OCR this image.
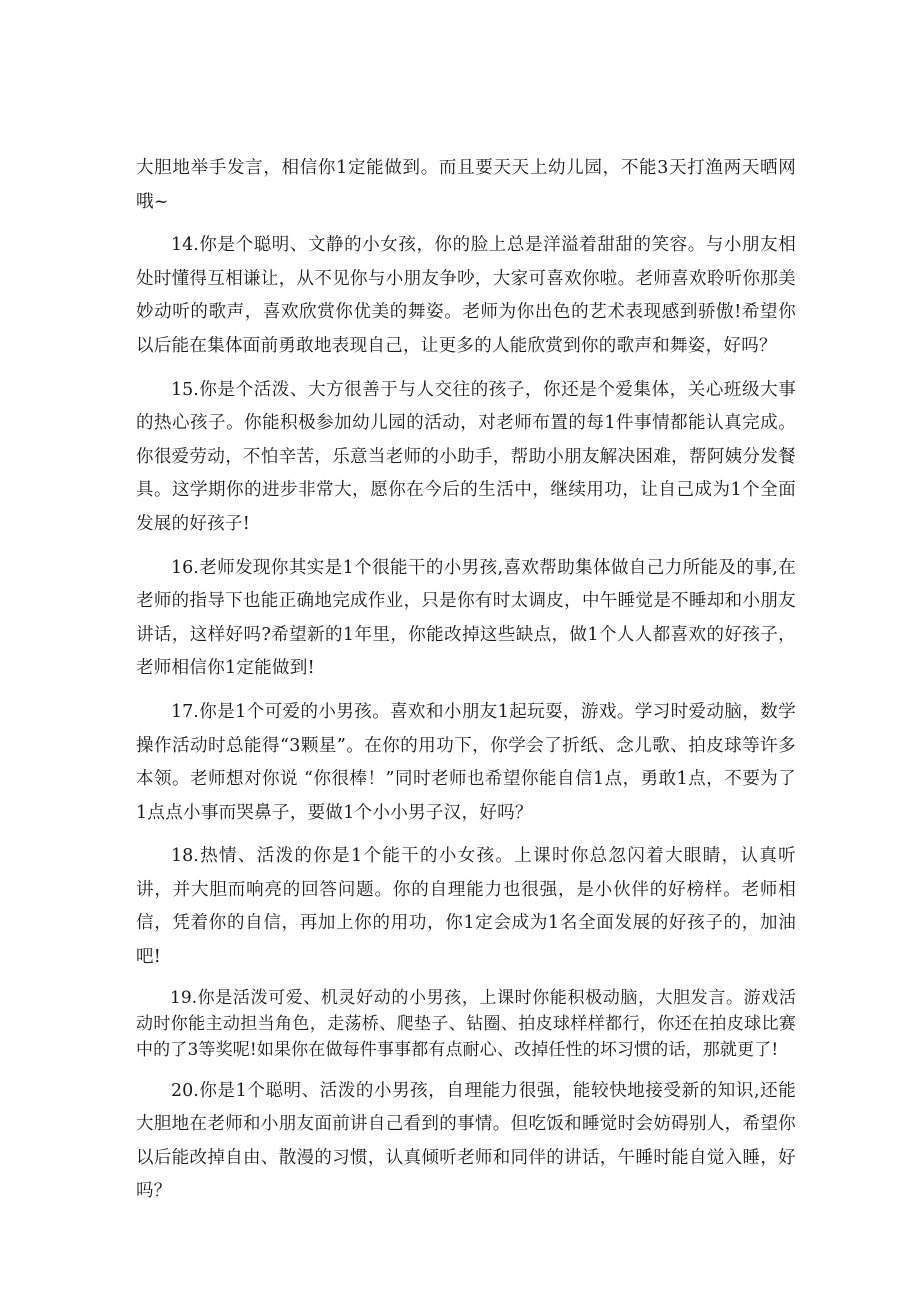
大胆地举手发言，相信你1定能做到。而且要天天上幼儿园，不能3天打渔两天晒网哦~

14.你是个聪明、文静的小女孩，你的脸上总是洋溢着甜甜的笑容。与小朋友相处时懂得互相谦让，从不见你与小朋友争吵，大家可喜欢你啦。老师喜欢聆听你那美妙动听的歌声，喜欢欣赏你优美的舞姿。老师为你出色的艺术表现感到骄傲!希望你以后能在集体面前勇敢地表现自己，让更多的人能欣赏到你的歌声和舞姿，好吗？

15.你是个活泼、大方很善于与人交往的孩子，你还是个爱集体，关心班级大事的热心孩子。你能积极参加幼儿园的活动，对老师布置的每1件事情都能认真完成。你很爱劳动，不怕辛苦，乐意当老师的小助手，帮助小朋友解决困难，帮阿姨分发餐具。这学期你的进步非常大，愿你在今后的生活中，继续用功，让自己成为1个全面发展的好孩子!

16.老师发现你其实是1个很能干的小男孩,喜欢帮助集体做自己力所能及的事,在老师的指导下也能正确地完成作业，只是你有时太调皮，中午睡觉是不睡却和小朋友讲话，这样好吗?希望新的1年里，你能改掉这些缺点，做1个人人都喜欢的好孩子，老师相信你1定能做到!

17.你是1个可爱的小男孩。喜欢和小朋友1起玩耍，游戏。学习时爱动脑，数学操作活动时总能得“3颗星”。在你的用功下，你学会了折纸、念儿歌、拍皮球等许多本领。老师想对你说 “你很棒！”同时老师也希望你能自信1点，勇敢1点，不要为了1点点小事而哭鼻子，要做1个小小男子汉，好吗？

18.热情、活泼的你是1个能干的小女孩。上课时你总忽闪着大眼睛，认真听讲，并大胆而响亮的回答问题。你的自理能力也很强，是小伙伴的好榜样。老师相信，凭着你的自信，再加上你的用功，你1定会成为1名全面发展的好孩子的，加油吧!

19.你是活泼可爱、机灵好动的小男孩，上课时你能积极动脑，大胆发言。游戏活动时你能主动担当角色，走荡桥、爬垫子、钻圈、拍皮球样样都行，你还在拍皮球比赛中的了3等奖呢!如果你在做每件事事都有点耐心、改掉任性的坏习惯的话，那就更了!

20.你是1个聪明、活泼的小男孩，自理能力很强，能较快地接受新的知识,还能大胆地在老师和小朋友面前讲自己看到的事情。但吃饭和睡觉时会妨碍别人，希望你以后能改掉自由、散漫的习惯，认真倾听老师和同伴的讲话，午睡时能自觉入睡，好吗？
